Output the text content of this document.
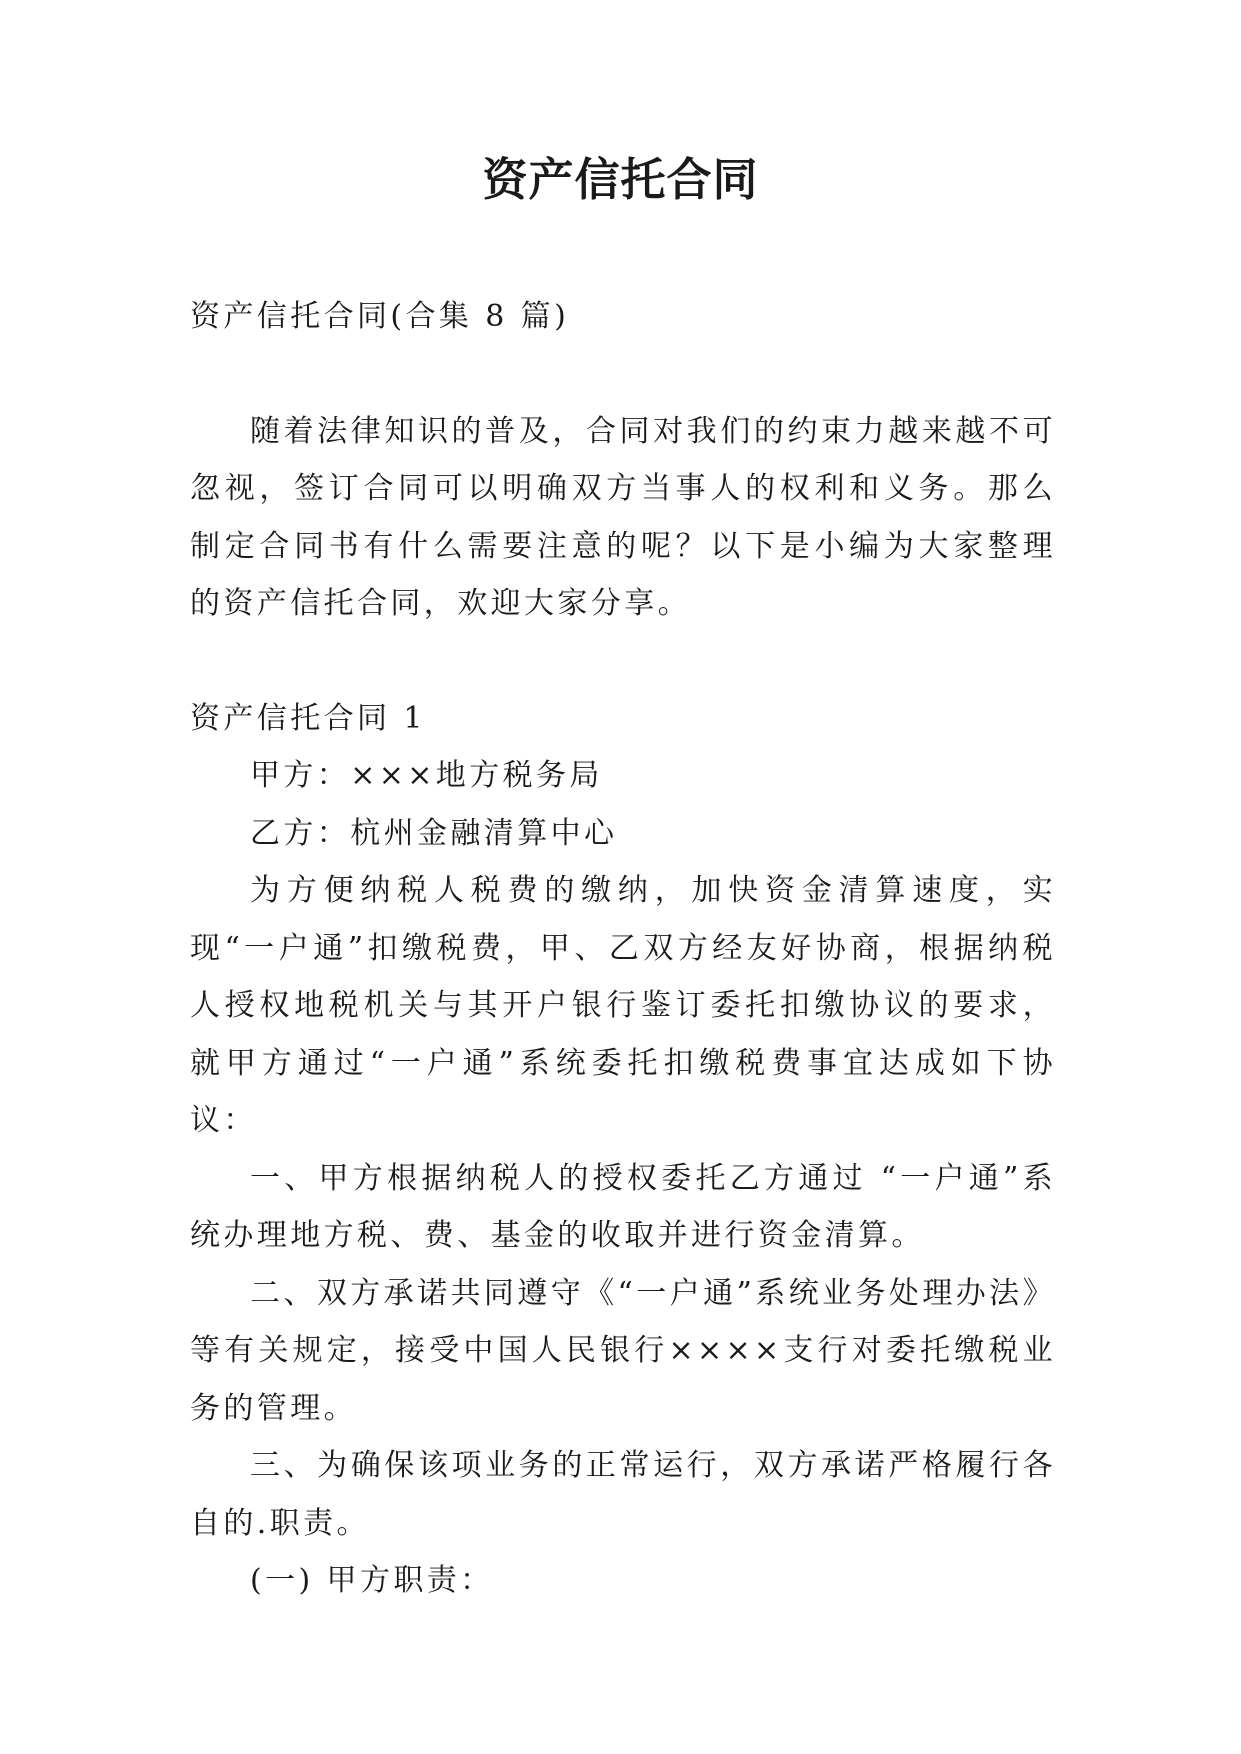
资产信托合同

资产信托合同(合集 8 篇)

随着法律知识的普及，合同对我们的约束力越来越不可忽视，签订合同可以明确双方当事人的权利和义务。那么制定合同书有什么需要注意的呢？以下是小编为大家整理的资产信托合同，欢迎大家分享。

资产信托合同 1

甲方：×××地方税务局

乙方：杭州金融清算中心

为方便纳税人税费的缴纳，加快资金清算速度，实现“一户通”扣缴税费，甲、乙双方经友好协商，根据纳税人授权地税机关与其开户银行鉴订委托扣缴协议的要求，就甲方通过“一户通”系统委托扣缴税费事宜达成如下协议：

一、甲方根据纳税人的授权委托乙方通过 “一户通”系统办理地方税、费、基金的收取并进行资金清算。

二、双方承诺共同遵守《“一户通”系统业务处理办法》等有关规定，接受中国人民银行××××支行对委托缴税业务的管理。

三、为确保该项业务的正常运行，双方承诺严格履行各自的.职责。

(一) 甲方职责：
